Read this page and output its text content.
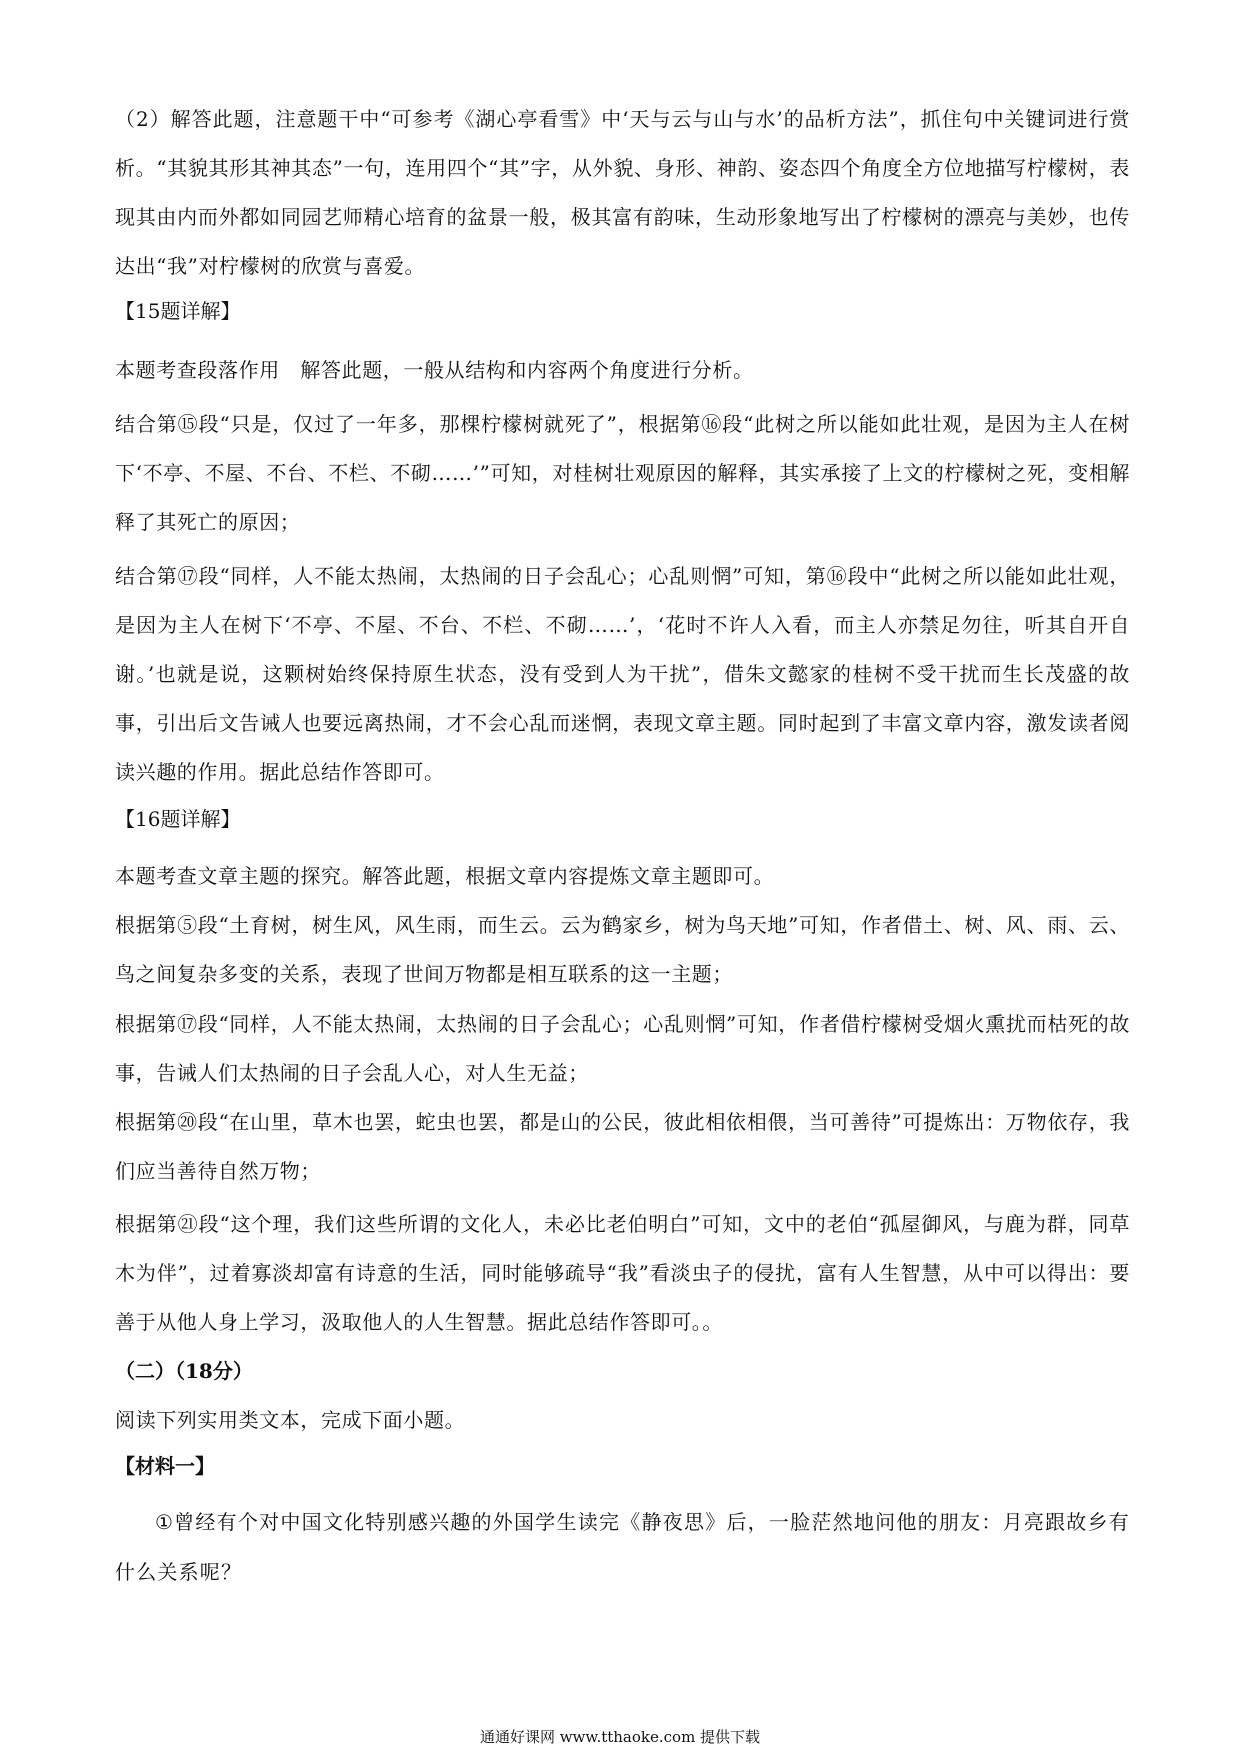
（2）解答此题，注意题干中“可参考《湖心亭看雪》中‘天与云与山与水’的品析方法”，抓住句中关键词进行赏析。“其貌其形其神其态”一句，连用四个“其”字，从外貌、身形、神韵、姿态四个角度全方位地描写柠檬树，表现其由内而外都如同园艺师精心培育的盆景一般，极其富有韵味，生动形象地写出了柠檬树的漂亮与美妙，也传达出“我”对柠檬树的欣赏与喜爱。

【15题详解】

本题考查段落作用　解答此题，一般从结构和内容两个角度进行分析。

结合第⑮段“只是，仅过了一年多，那棵柠檬树就死了”，根据第⑯段“此树之所以能如此壮观，是因为主人在树下‘不亭、不屋、不台、不栏、不砌……’”可知，对桂树壮观原因的解释，其实承接了上文的柠檬树之死，变相解释了其死亡的原因；

结合第⑰段“同样，人不能太热闹，太热闹的日子会乱心；心乱则惘”可知，第⑯段中“此树之所以能如此壮观，是因为主人在树下‘不亭、不屋、不台、不栏、不砌……’，‘花时不许人入看，而主人亦禁足勿往，听其自开自谢。’也就是说，这颗树始终保持原生状态，没有受到人为干扰”，借朱文懿家的桂树不受干扰而生长茂盛的故事，引出后文告诫人也要远离热闹，才不会心乱而迷惘，表现文章主题。同时起到了丰富文章内容，激发读者阅读兴趣的作用。据此总结作答即可。

【16题详解】

本题考查文章主题的探究。解答此题，根据文章内容提炼文章主题即可。

根据第⑤段“土育树，树生风，风生雨，而生云。云为鹤家乡，树为鸟天地”可知，作者借土、树、风、雨、云、鸟之间复杂多变的关系，表现了世间万物都是相互联系的这一主题；

根据第⑰段“同样，人不能太热闹，太热闹的日子会乱心；心乱则惘”可知，作者借柠檬树受烟火熏扰而枯死的故事，告诫人们太热闹的日子会乱人心，对人生无益；

根据第⑳段“在山里，草木也罢，蛇虫也罢，都是山的公民，彼此相依相偎，当可善待”可提炼出：万物依存，我们应当善待自然万物；

根据第㉑段“这个理，我们这些所谓的文化人，未必比老伯明白”可知，文中的老伯“孤屋御风，与鹿为群，同草木为伴”，过着寡淡却富有诗意的生活，同时能够疏导“我”看淡虫子的侵扰，富有人生智慧，从中可以得出：要善于从他人身上学习，汲取他人的人生智慧。据此总结作答即可。。

（二）（18分）

阅读下列实用类文本，完成下面小题。

【材料一】

①曾经有个对中国文化特别感兴趣的外国学生读完《静夜思》后，一脸茫然地问他的朋友：月亮跟故乡有什么关系呢？

通通好课网 www.tthaoke.com 提供下载
